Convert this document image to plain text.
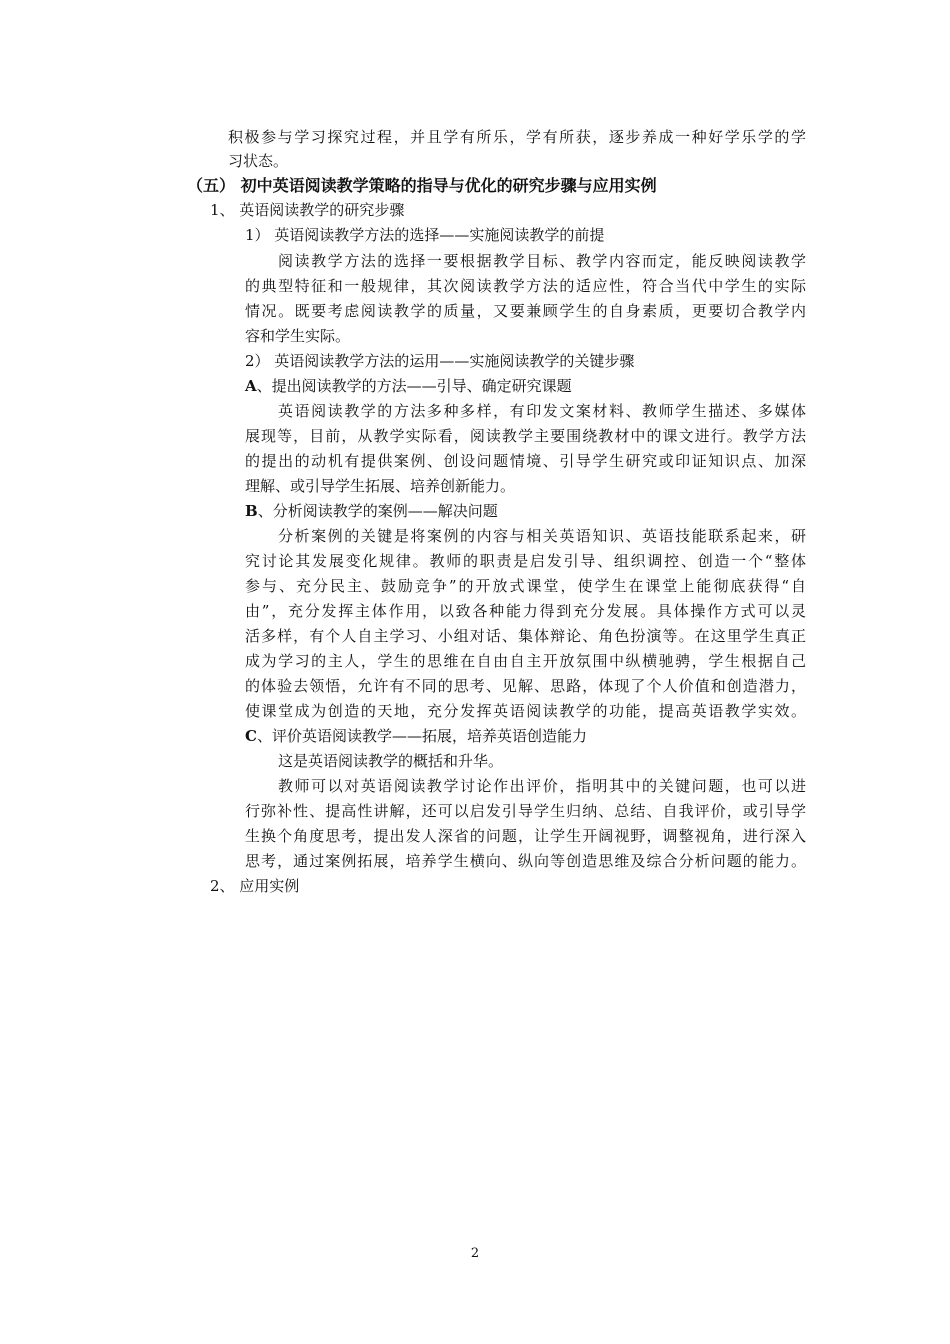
积极参与学习探究过程，并且学有所乐，学有所获，逐步养成一种好学乐学的学
习状态。
（五） 初中英语阅读教学策略的指导与优化的研究步骤与应用实例
1、 英语阅读教学的研究步骤
1） 英语阅读教学方法的选择——实施阅读教学的前提
阅读教学方法的选择一要根据教学目标、教学内容而定，能反映阅读教学
的典型特征和一般规律，其次阅读教学方法的适应性，符合当代中学生的实际
情况。既要考虑阅读教学的质量，又要兼顾学生的自身素质，更要切合教学内
容和学生实际。
2） 英语阅读教学方法的运用——实施阅读教学的关键步骤
A、提出阅读教学的方法——引导、确定研究课题
英语阅读教学的方法多种多样，有印发文案材料、教师学生描述、多媒体
展现等，目前，从教学实际看，阅读教学主要围绕教材中的课文进行。教学方法
的提出的动机有提供案例、创设问题情境、引导学生研究或印证知识点、加深
理解、或引导学生拓展、培养创新能力。
B、分析阅读教学的案例——解决问题
分析案例的关键是将案例的内容与相关英语知识、英语技能联系起来，研
究讨论其发展变化规律。教师的职责是启发引导、组织调控、创造一个“整体
参与、充分民主、鼓励竞争”的开放式课堂，使学生在课堂上能彻底获得“自
由”，充分发挥主体作用，以致各种能力得到充分发展。具体操作方式可以灵
活多样，有个人自主学习、小组对话、集体辩论、角色扮演等。在这里学生真正
成为学习的主人，学生的思维在自由自主开放氛围中纵横驰骋，学生根据自己
的体验去领悟，允许有不同的思考、见解、思路，体现了个人价值和创造潜力，
使课堂成为创造的天地，充分发挥英语阅读教学的功能，提高英语教学实效。
C、评价英语阅读教学——拓展，培养英语创造能力
这是英语阅读教学的概括和升华。
教师可以对英语阅读教学讨论作出评价，指明其中的关键问题，也可以进
行弥补性、提高性讲解，还可以启发引导学生归纳、总结、自我评价，或引导学
生换个角度思考，提出发人深省的问题，让学生开阔视野，调整视角，进行深入
思考，通过案例拓展，培养学生横向、纵向等创造思维及综合分析问题的能力。
2、 应用实例
2
